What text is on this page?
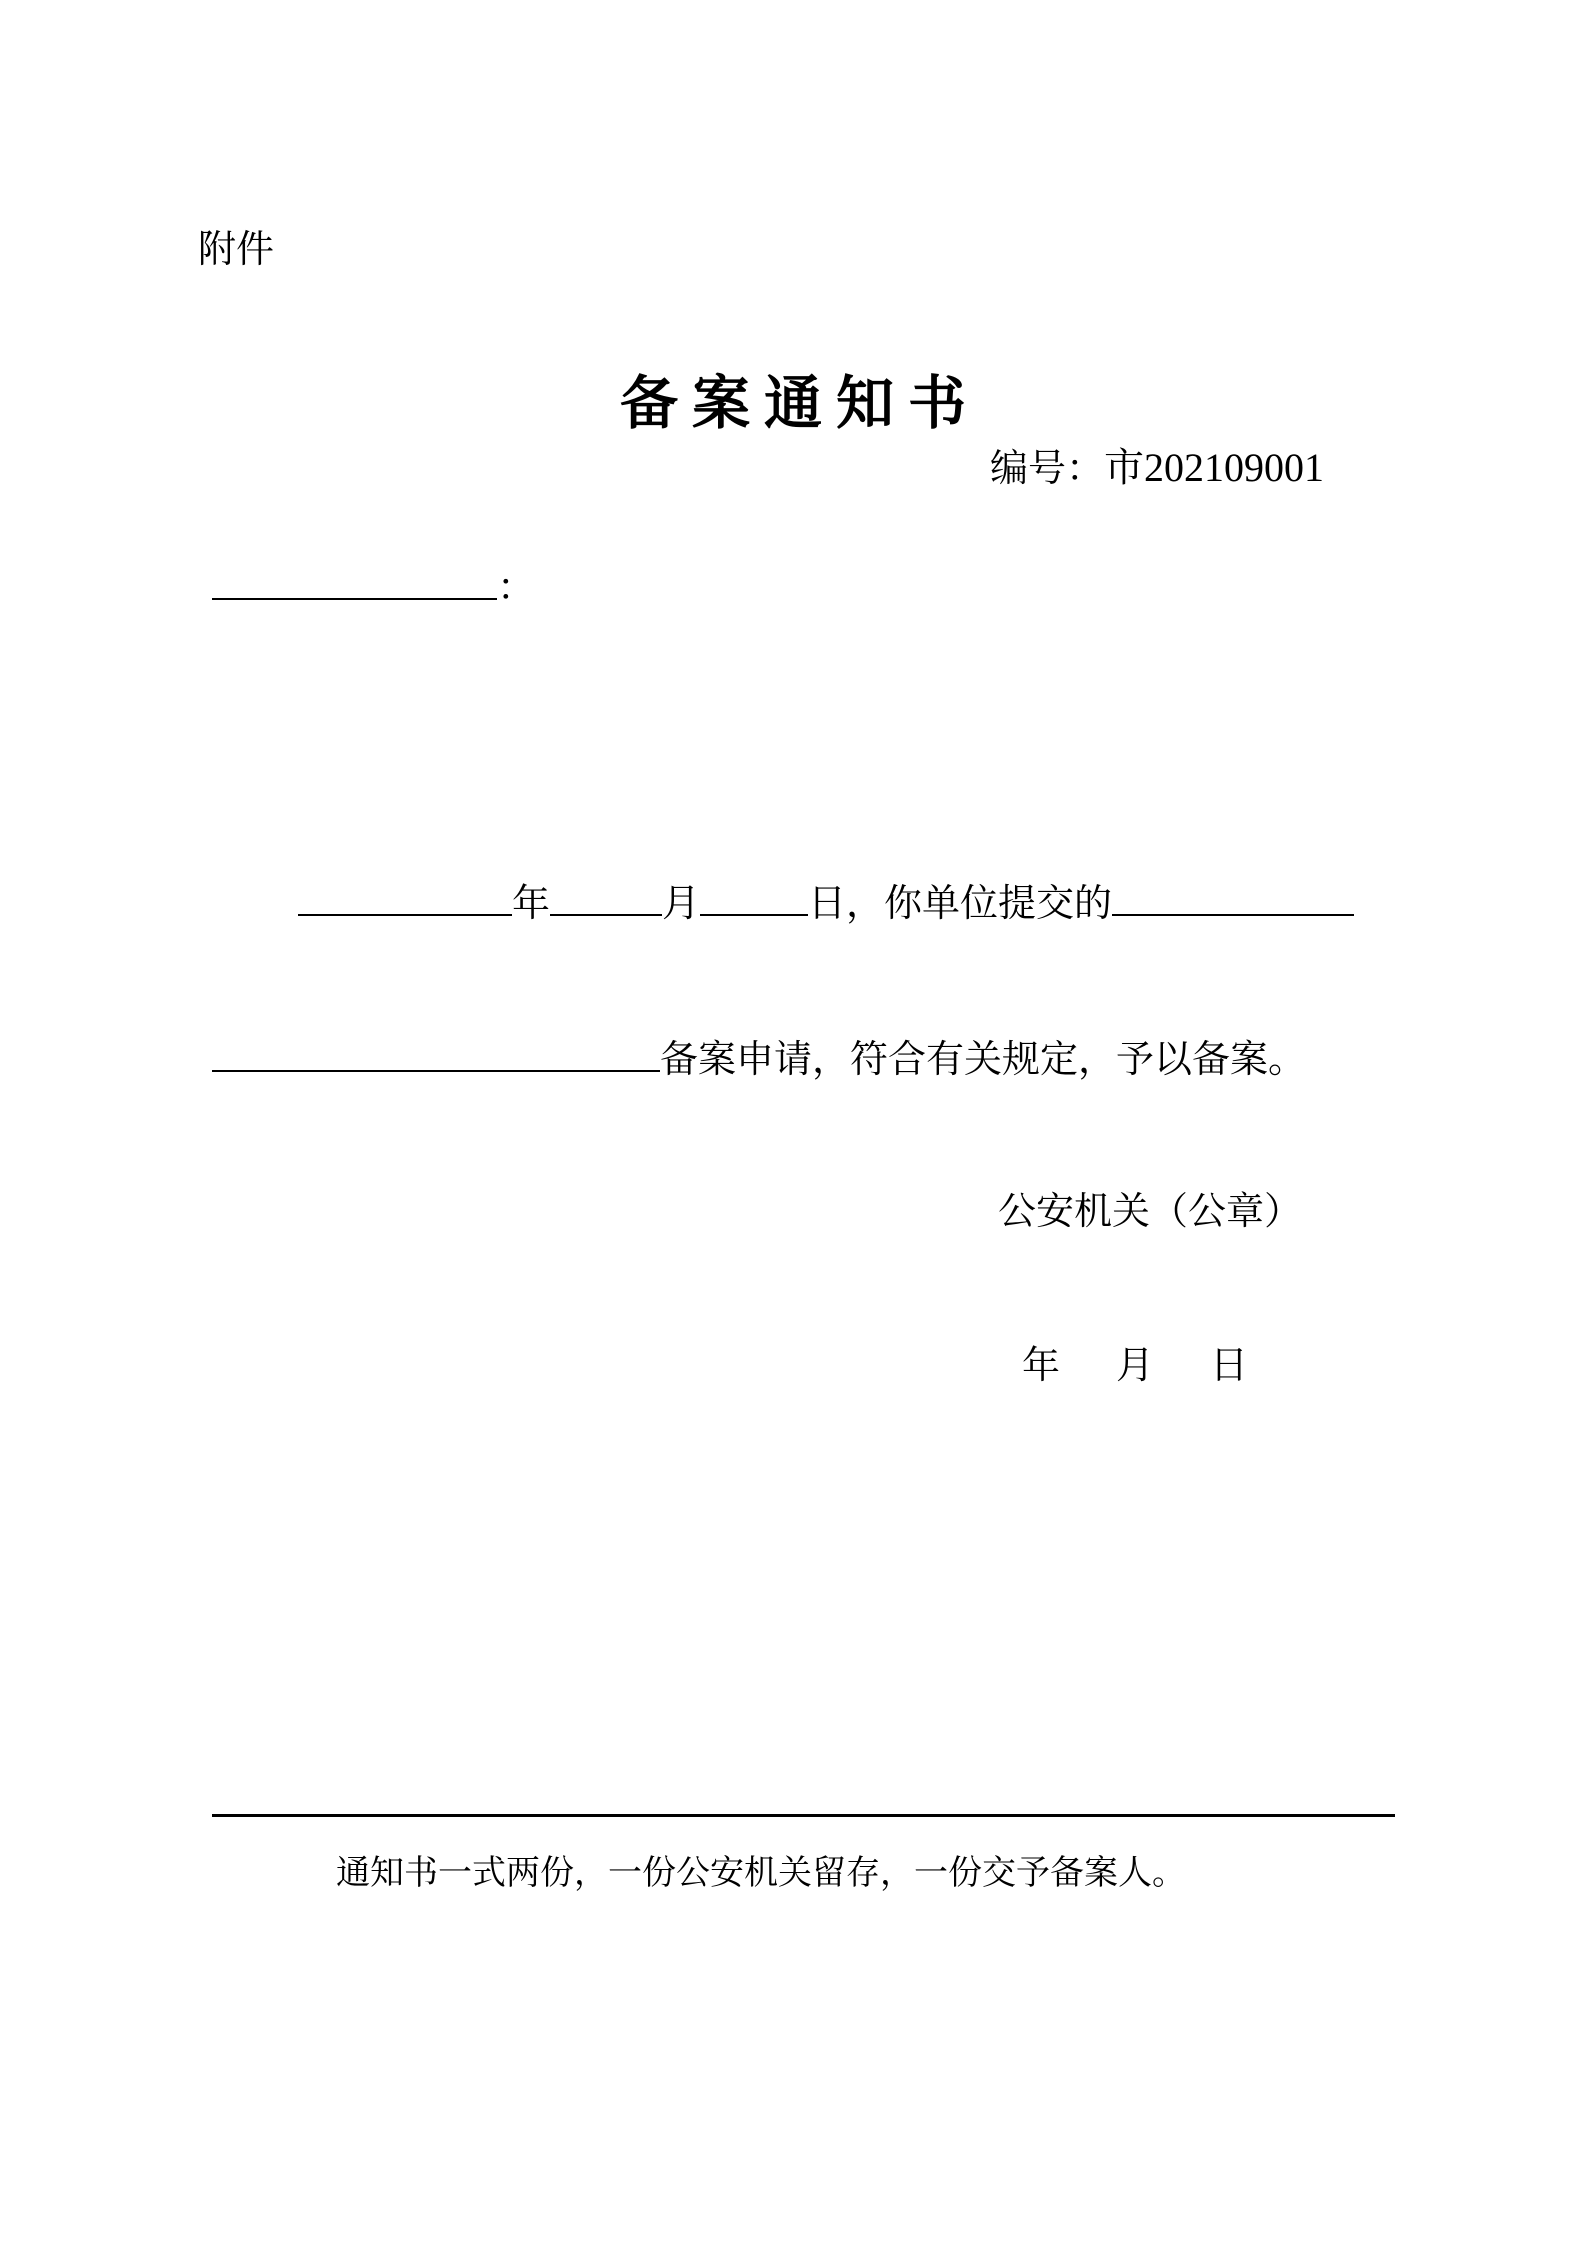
附件
备案通知书
编号：市202109001
：
年	月	日，你单位提交的
备案申请，符合有关规定，予以备案。
公安机关（公章）
年 月 日
通知书一式两份，一份公安机关留存，一份交予备案人。
